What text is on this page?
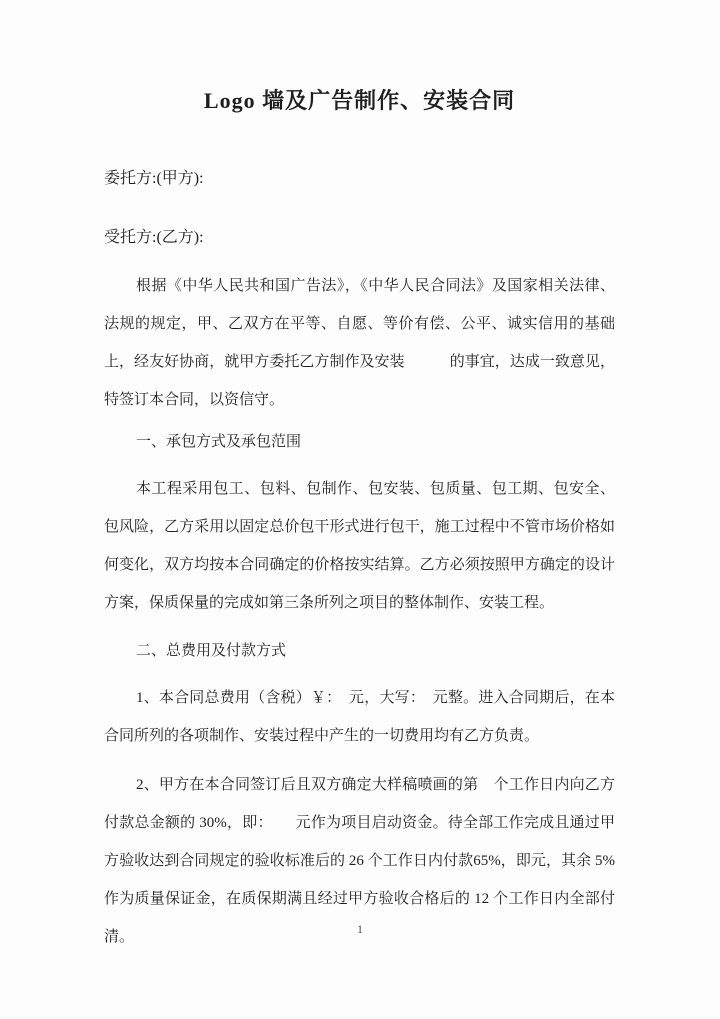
Logo 墙及广告制作、安装合同

委托方:(甲方):

受托方:(乙方):

根据《中华人民共和国广告法》，《中华人民合同法》及国家相关法律、法规的规定，甲、乙双方在平等、自愿、等价有偿、公平、诚实信用的基础上，经友好协商，就甲方委托乙方制作及安装　　　的事宜，达成一致意见，特签订本合同，以资信守。

一、承包方式及承包范围

本工程采用包工、包料、包制作、包安装、包质量、包工期、包安全、包风险，乙方采用以固定总价包干形式进行包干，施工过程中不管市场价格如何变化，双方均按本合同确定的价格按实结算。乙方必须按照甲方确定的设计方案，保质保量的完成如第三条所列之项目的整体制作、安装工程。

二、总费用及付款方式

1、本合同总费用（含税）￥：　元，大写：　元整。进入合同期后，在本合同所列的各项制作、安装过程中产生的一切费用均有乙方负责。

2、甲方在本合同签订后且双方确定大样稿喷画的第　个工作日内向乙方付款总金额的 30%，即：　　元作为项目启动资金。待全部工作完成且通过甲方验收达到合同规定的验收标准后的 26 个工作日内付款65%，即元，其余 5%作为质量保证金，在质保期满且经过甲方验收合格后的 12 个工作日内全部付清。	1
